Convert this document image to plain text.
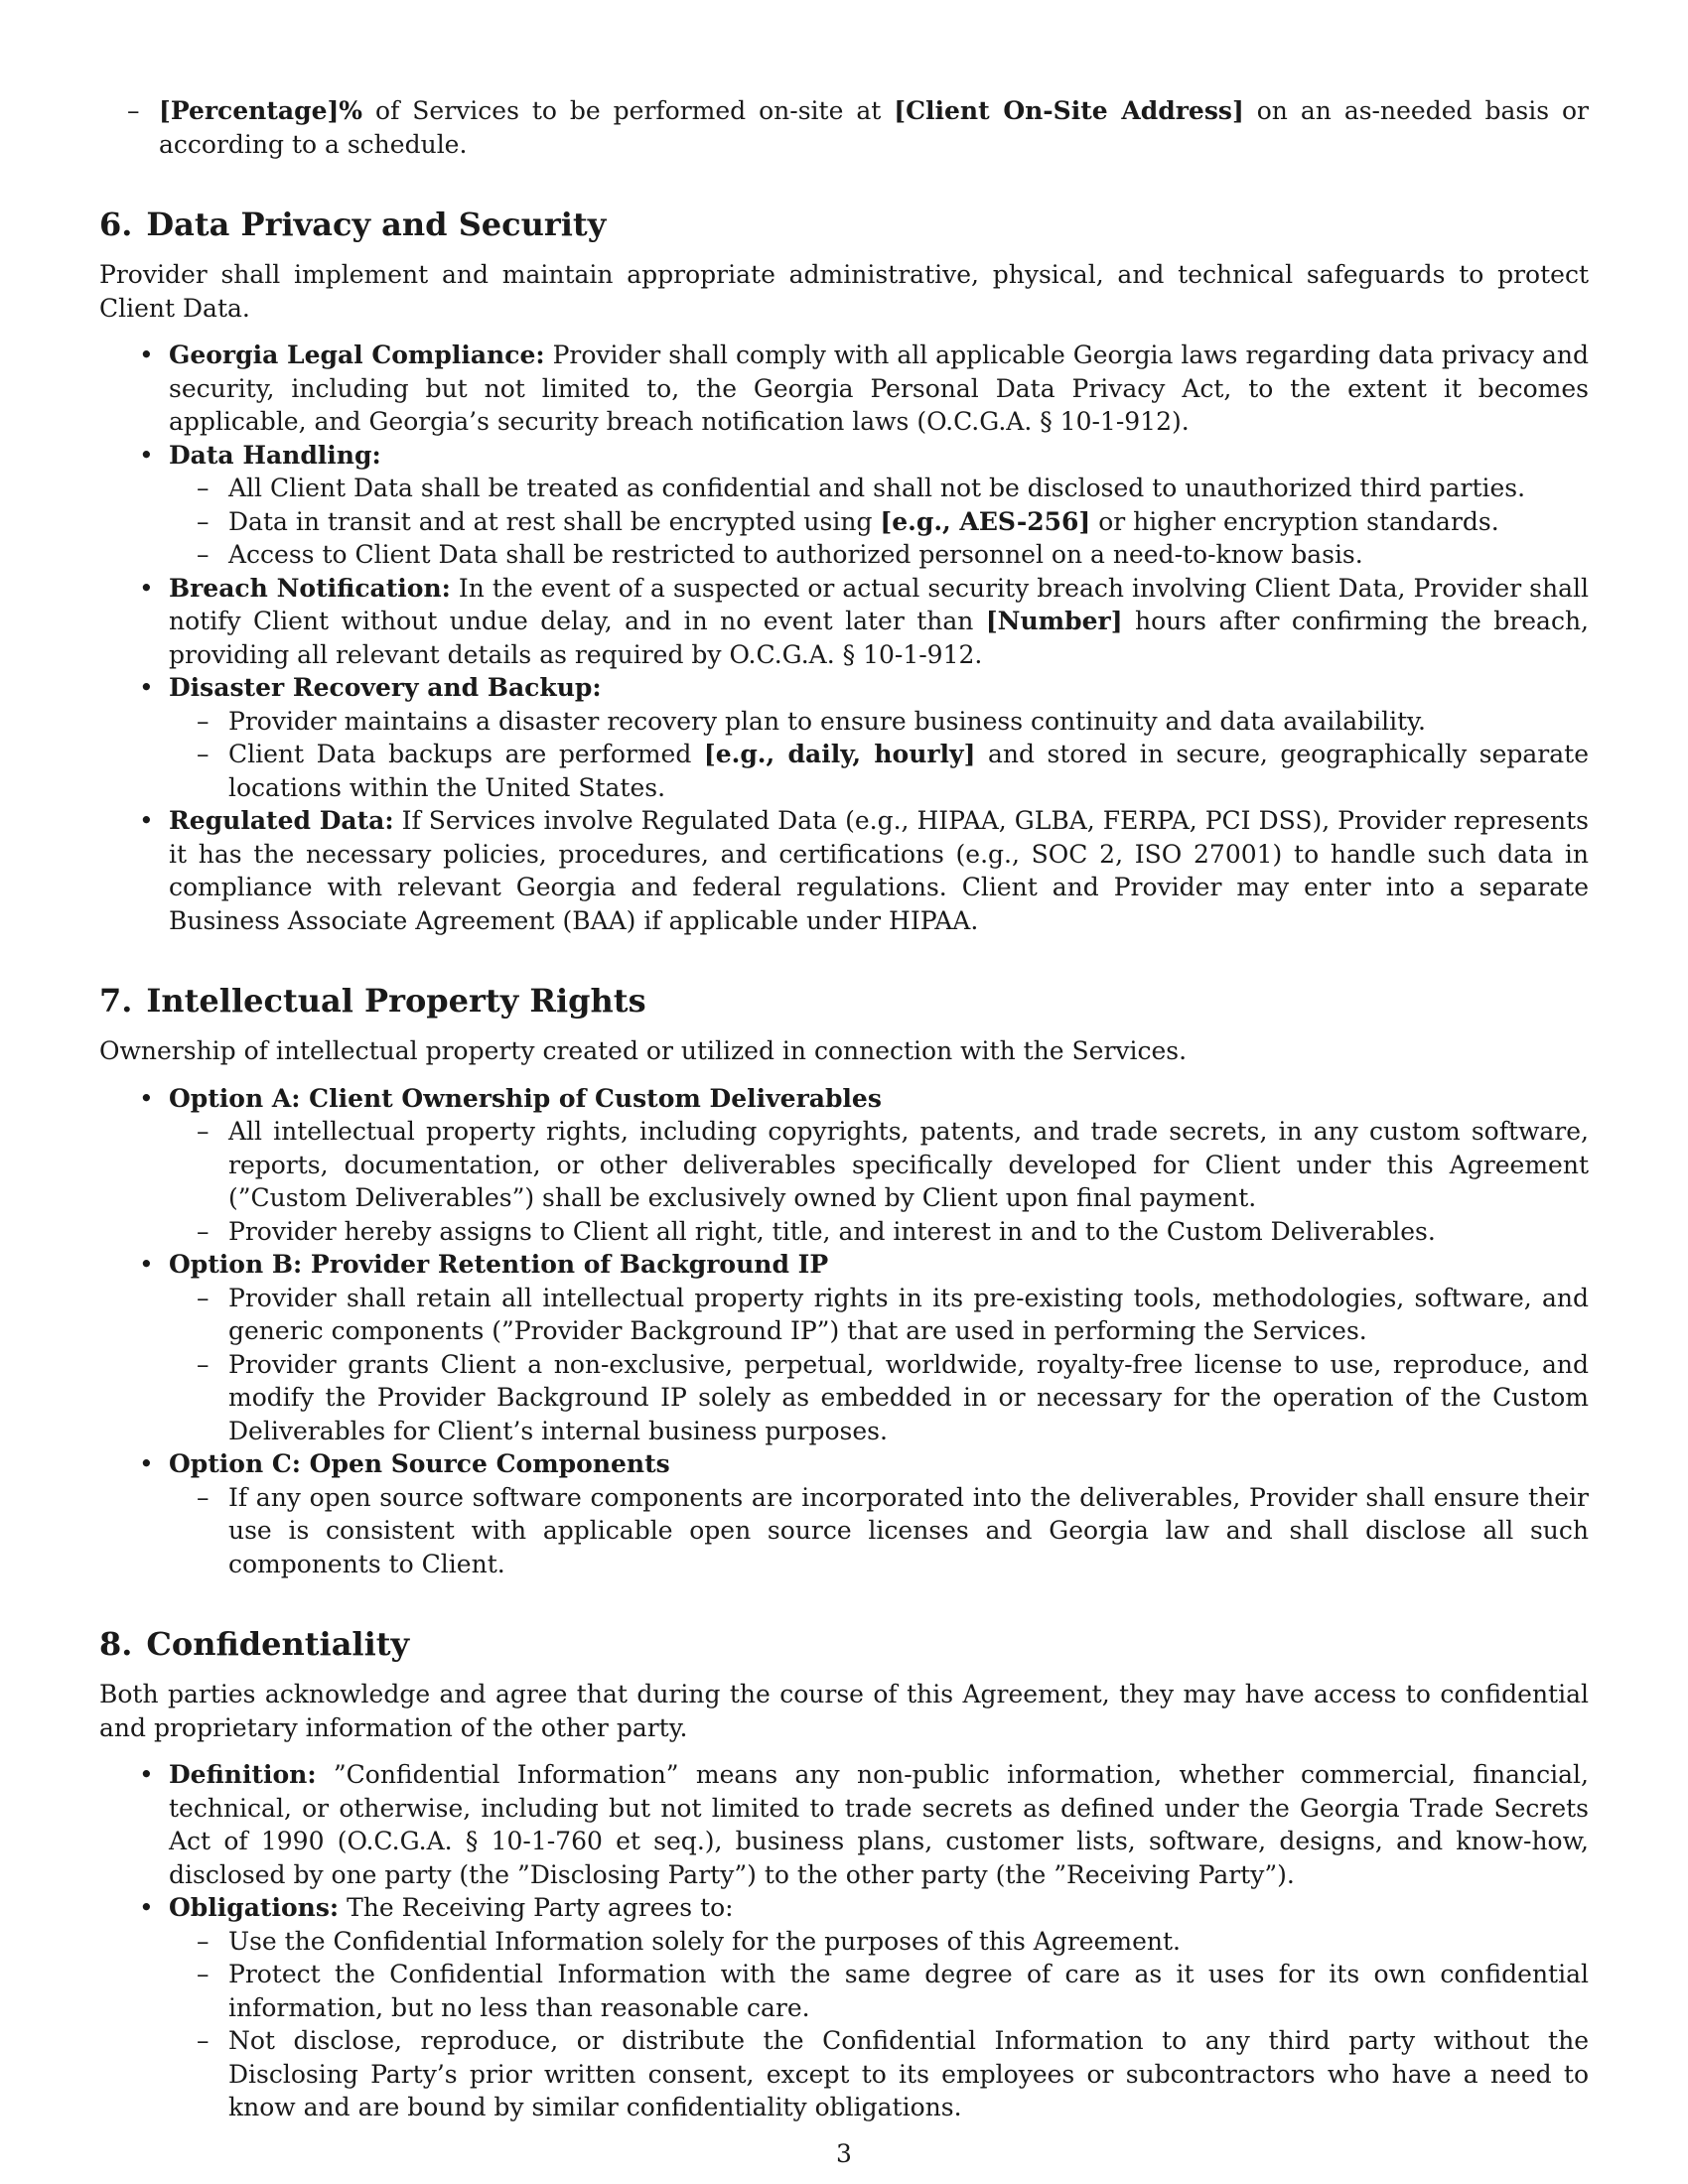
– [Percentage]% of Services to be performed on-site at [Client On-Site Address] on an as-needed basis or according to a schedule.
6. Data Privacy and Security

Provider shall implement and maintain appropriate administrative, physical, and technical safeguards to protect Client Data.

• Georgia Legal Compliance: Provider shall comply with all applicable Georgia laws regarding data privacy and security, including but not limited to, the Georgia Personal Data Privacy Act, to the extent it becomes applicable, and Georgia’s security breach notification laws (O.C.G.A. § 10-1-912).
• Data Handling:
– All Client Data shall be treated as confidential and shall not be disclosed to unauthorized third parties.
– Data in transit and at rest shall be encrypted using [e.g., AES-256] or higher encryption standards.
– Access to Client Data shall be restricted to authorized personnel on a need-to-know basis.
• Breach Notification: In the event of a suspected or actual security breach involving Client Data, Provider shall notify Client without undue delay, and in no event later than [Number] hours after confirming the breach, providing all relevant details as required by O.C.G.A. § 10-1-912.
• Disaster Recovery and Backup:
– Provider maintains a disaster recovery plan to ensure business continuity and data availability.
– Client Data backups are performed [e.g., daily, hourly] and stored in secure, geographically separate locations within the United States.
• Regulated Data: If Services involve Regulated Data (e.g., HIPAA, GLBA, FERPA, PCI DSS), Provider represents it has the necessary policies, procedures, and certifications (e.g., SOC 2, ISO 27001) to handle such data in compliance with relevant Georgia and federal regulations. Client and Provider may enter into a separate Business Associate Agreement (BAA) if applicable under HIPAA.
7. Intellectual Property Rights

Ownership of intellectual property created or utilized in connection with the Services.

• Option A: Client Ownership of Custom Deliverables
– All intellectual property rights, including copyrights, patents, and trade secrets, in any custom software, reports, documentation, or other deliverables specifically developed for Client under this Agreement (”Custom Deliverables”) shall be exclusively owned by Client upon final payment.
– Provider hereby assigns to Client all right, title, and interest in and to the Custom Deliverables.
• Option B: Provider Retention of Background IP
– Provider shall retain all intellectual property rights in its pre-existing tools, methodologies, software, and generic components (”Provider Background IP”) that are used in performing the Services.
– Provider grants Client a non-exclusive, perpetual, worldwide, royalty-free license to use, reproduce, and modify the Provider Background IP solely as embedded in or necessary for the operation of the Custom Deliverables for Client’s internal business purposes.
• Option C: Open Source Components
– If any open source software components are incorporated into the deliverables, Provider shall ensure their use is consistent with applicable open source licenses and Georgia law and shall disclose all such components to Client.
8. Confidentiality

Both parties acknowledge and agree that during the course of this Agreement, they may have access to confidential and proprietary information of the other party.

• Definition: ”Confidential Information” means any non-public information, whether commercial, financial, technical, or otherwise, including but not limited to trade secrets as defined under the Georgia Trade Secrets Act of 1990 (O.C.G.A. § 10-1-760 et seq.), business plans, customer lists, software, designs, and know-how, disclosed by one party (the ”Disclosing Party”) to the other party (the ”Receiving Party”).
• Obligations: The Receiving Party agrees to:
– Use the Confidential Information solely for the purposes of this Agreement.
– Protect the Confidential Information with the same degree of care as it uses for its own confidential information, but no less than reasonable care.
– Not disclose, reproduce, or distribute the Confidential Information to any third party without the Disclosing Party’s prior written consent, except to its employees or subcontractors who have a need to know and are bound by similar confidentiality obligations.
3
